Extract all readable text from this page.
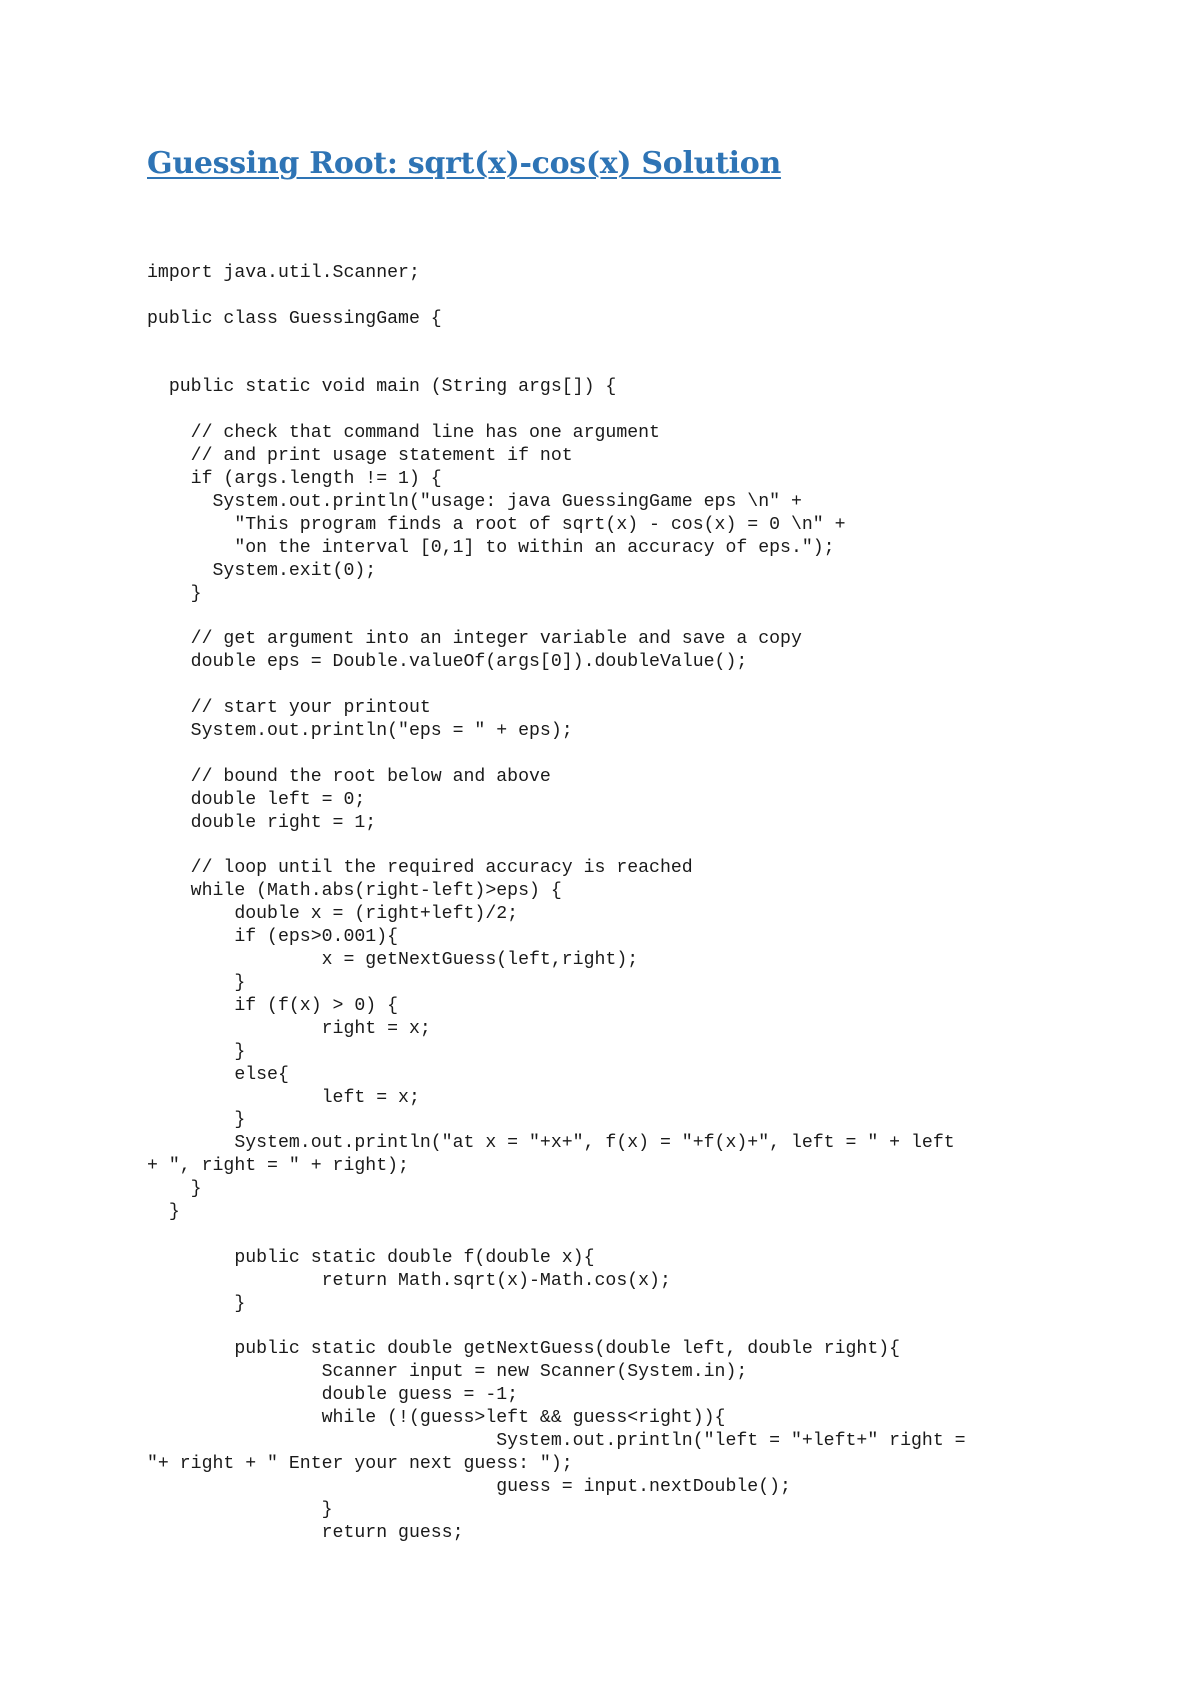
Guessing Root: sqrt(x)-cos(x) Solution
import java.util.Scanner;
public class GuessingGame {
public static void main (String args[]) {
// check that command line has one argument
// and print usage statement if not
if (args.length != 1) {
System.out.println("usage: java GuessingGame eps \n" +
"This program finds a root of sqrt(x) - cos(x) = 0 \n" +
"on the interval [0,1] to within an accuracy of eps.");
System.exit(0);
}
// get argument into an integer variable and save a copy
double eps = Double.valueOf(args[0]).doubleValue();
// start your printout
System.out.println("eps = " + eps);
// bound the root below and above
double left = 0;
double right = 1;
// loop until the required accuracy is reached
while (Math.abs(right-left)>eps) {
double x = (right+left)/2;
if (eps>0.001){
x = getNextGuess(left,right);
}
if (f(x) > 0) {
right = x;
}
else{
left = x;
}
System.out.println("at x = "+x+", f(x) = "+f(x)+", left = " + left
+ ", right = " + right);
}
}
public static double f(double x){
return Math.sqrt(x)-Math.cos(x);
}
public static double getNextGuess(double left, double right){
Scanner input = new Scanner(System.in);
double guess = -1;
while (!(guess>left && guess<right)){
System.out.println("left = "+left+" right =
"+ right + " Enter your next guess: ");
guess = input.nextDouble();
}
return guess;
